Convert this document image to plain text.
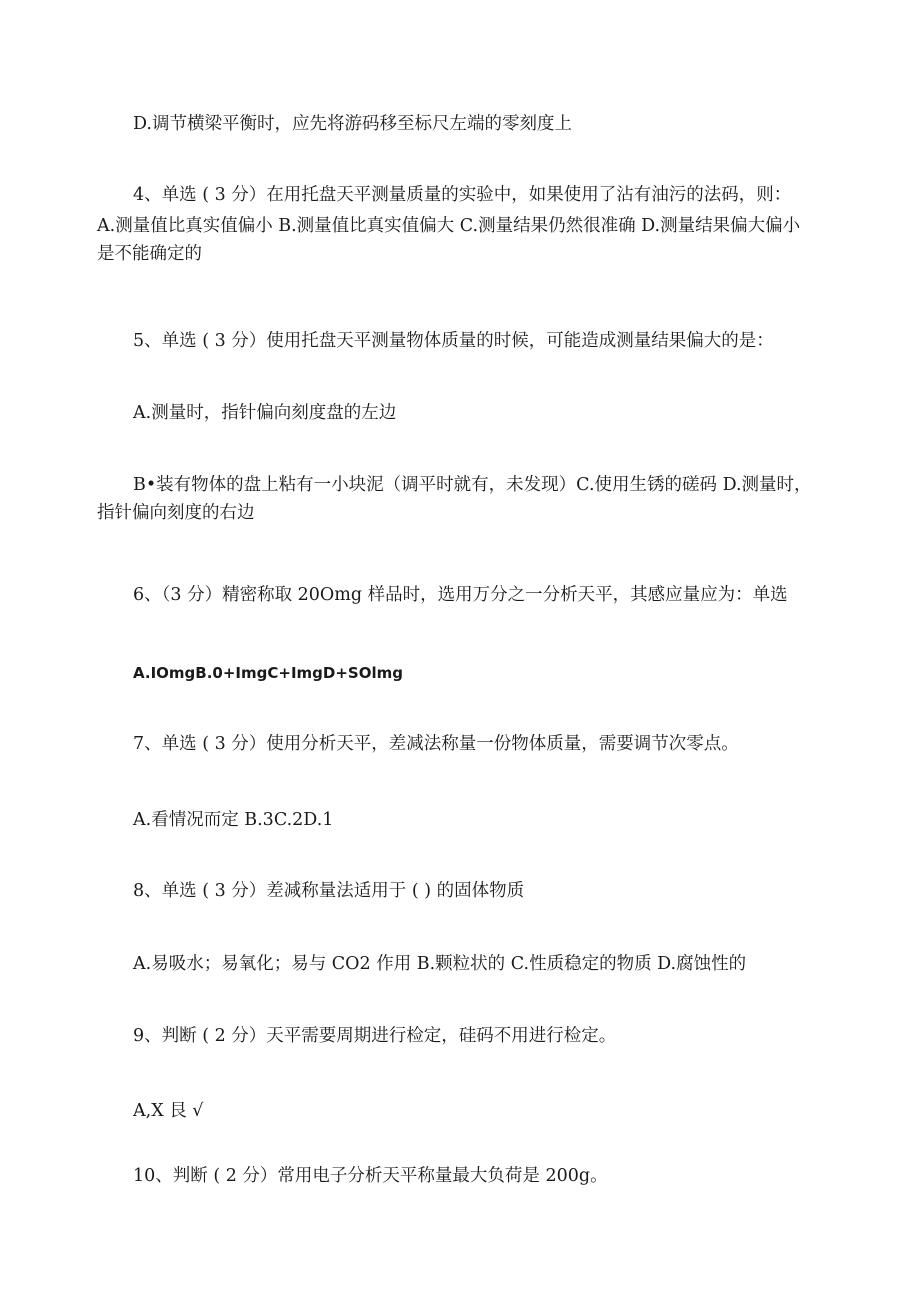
D.调节横梁平衡时，应先将游码移至标尺左端的零刻度上

4、单选 ( 3 分）在用托盘天平测量质量的实验中，如果使用了沾有油污的法码，则：
A.测量值比真实值偏小 B.测量值比真实值偏大 C.测量结果仍然很准确 D.测量结果偏大偏小
是不能确定的

5、单选 ( 3 分）使用托盘天平测量物体质量的时候，可能造成测量结果偏大的是：

A.测量时，指针偏向刻度盘的左边

B•装有物体的盘上粘有一小块泥（调平时就有，未发现）C.使用生锈的磋码 D.测量时，
指针偏向刻度的右边

6、（3 分）精密称取 20Omg 样品时，选用万分之一分析天平，其感应量应为：单选

A.IOmgB.0+ImgC+ImgD+SOlmg

7、单选 ( 3 分）使用分析天平，差减法称量一份物体质量，需要调节次零点。

A.看情况而定 B.3C.2D.1

8、单选 ( 3 分）差减称量法适用于 ( ) 的固体物质

A.易吸水；易氧化；易与 CO2 作用 B.颗粒状的 C.性质稳定的物质 D.腐蚀性的

9、判断 ( 2 分）天平需要周期进行检定，硅码不用进行检定。

A,X 艮 √

10、判断 ( 2 分）常用电子分析天平称量最大负荷是 200g。
